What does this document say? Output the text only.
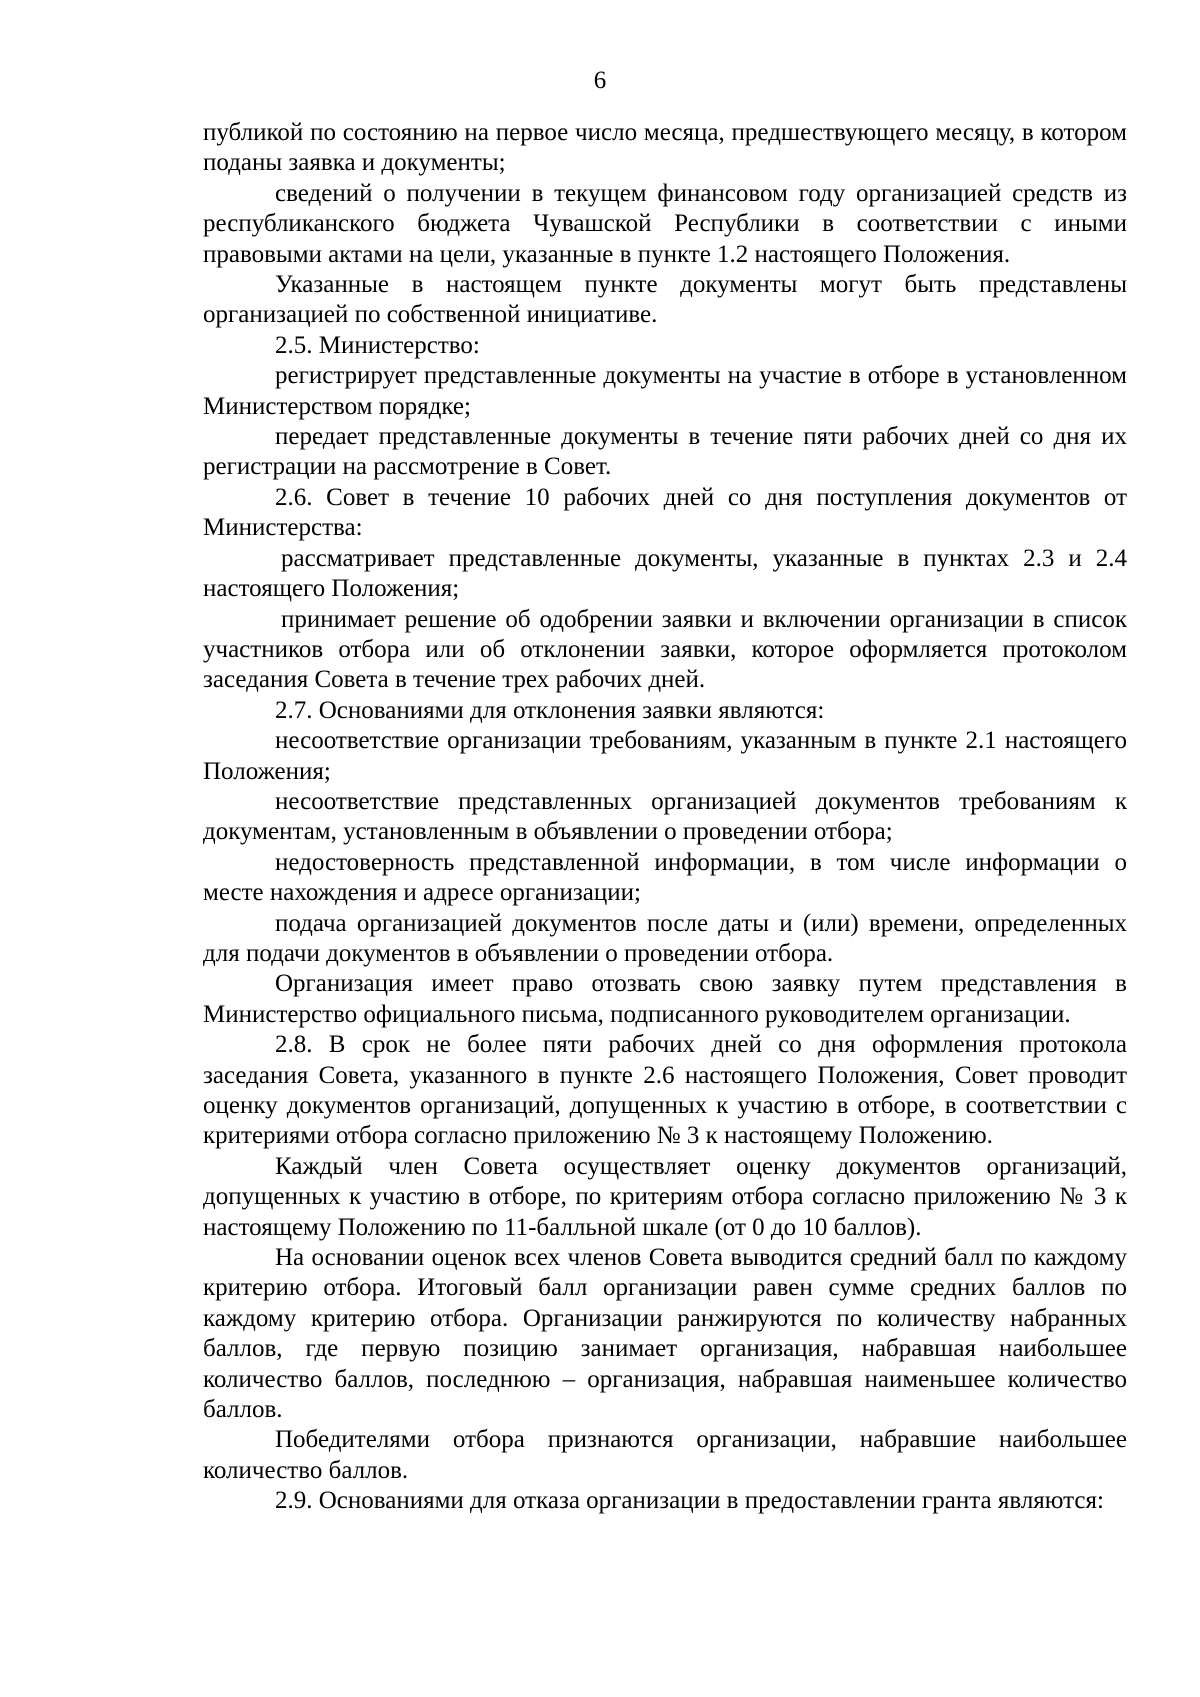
6

публикой по состоянию на первое число месяца, предшествующего месяцу, в котором поданы заявка и документы;

сведений о получении в текущем финансовом году организацией средств из республиканского бюджета Чувашской Республики в соответствии с иными правовыми актами на цели, указанные в пункте 1.2 настоящего Положения.

Указанные в настоящем пункте документы могут быть представлены организацией по собственной инициативе.

2.5. Министерство:

регистрирует представленные документы на участие в отборе в установленном Министерством порядке;

передает представленные документы в течение пяти рабочих дней со дня их регистрации на рассмотрение в Совет.

2.6. Совет в течение 10 рабочих дней со дня поступления документов от Министерства:

рассматривает представленные документы, указанные в пунктах 2.3 и 2.4 настоящего Положения;

принимает решение об одобрении заявки и включении организации в список участников отбора или об отклонении заявки, которое оформляется протоколом заседания Совета в течение трех рабочих дней.

2.7. Основаниями для отклонения заявки являются:

несоответствие организации требованиям, указанным в пункте 2.1 настоящего Положения;

несоответствие представленных организацией документов требованиям к документам, установленным в объявлении о проведении отбора;

недостоверность представленной информации, в том числе информации о месте нахождения и адресе организации;

подача организацией документов после даты и (или) времени, определенных для подачи документов в объявлении о проведении отбора.

Организация имеет право отозвать свою заявку путем представления в Министерство официального письма, подписанного руководителем организации.

2.8. В срок не более пяти рабочих дней со дня оформления протокола заседания Совета, указанного в пункте 2.6 настоящего Положения, Совет проводит оценку документов организаций, допущенных к участию в отборе, в соответствии с критериями отбора согласно приложению № 3 к настоящему Положению.

Каждый член Совета осуществляет оценку документов организаций, допущенных к участию в отборе, по критериям отбора согласно приложению № 3 к настоящему Положению по 11-балльной шкале (от 0 до 10 баллов).

На основании оценок всех членов Совета выводится средний балл по каждому критерию отбора. Итоговый балл организации равен сумме средних баллов по каждому критерию отбора. Организации ранжируются по количеству набранных баллов, где первую позицию занимает организация, набравшая наибольшее количество баллов, последнюю – организация, набравшая наименьшее количество баллов.

Победителями отбора признаются организации, набравшие наибольшее количество баллов.

2.9. Основаниями для отказа организации в предоставлении гранта являются:
